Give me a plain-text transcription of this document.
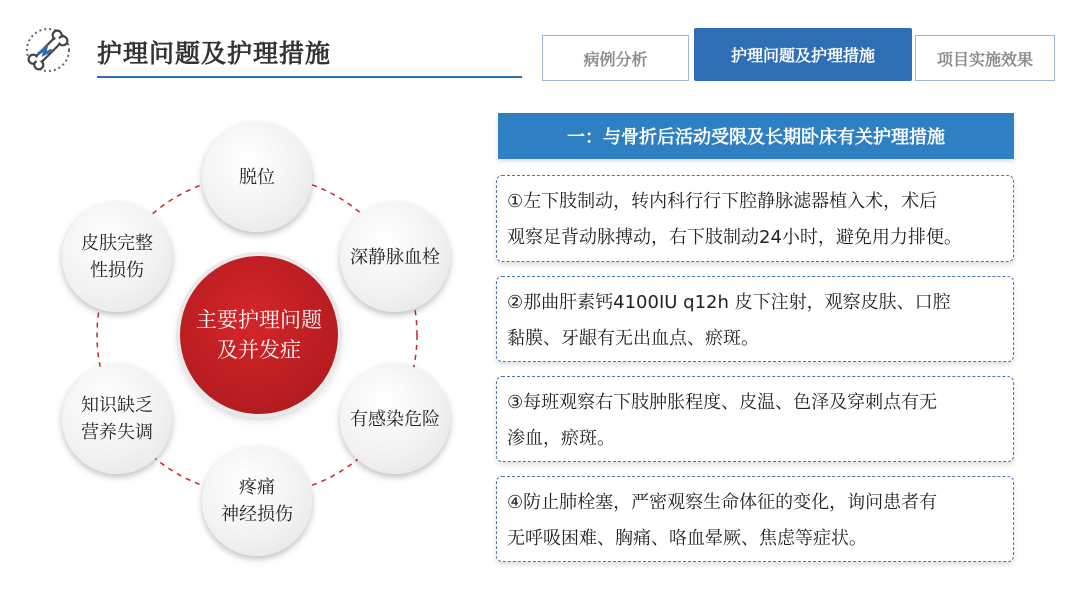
护理问题及护理措施	病例分析	护理问题及护理措施	项目实施效果
脱位
深静脉血栓
有感染危险
疼痛
神经损伤
知识缺乏
营养失调
皮肤完整
性损伤
主要护理问题
及并发症
一：与骨折后活动受限及长期卧床有关护理措施
①左下肢制动，转内科行行下腔静脉滤器植入术，术后
观察足背动脉搏动，右下肢制动24小时，避免用力排便。
②那曲肝素钙4100IU q12h 皮下注射，观察皮肤、口腔
黏膜、牙龈有无出血点、瘀斑。
③每班观察右下肢肿胀程度、皮温、色泽及穿刺点有无
渗血，瘀斑。
④防止肺栓塞，严密观察生命体征的变化，询问患者有
无呼吸困难、胸痛、咯血晕厥、焦虑等症状。
